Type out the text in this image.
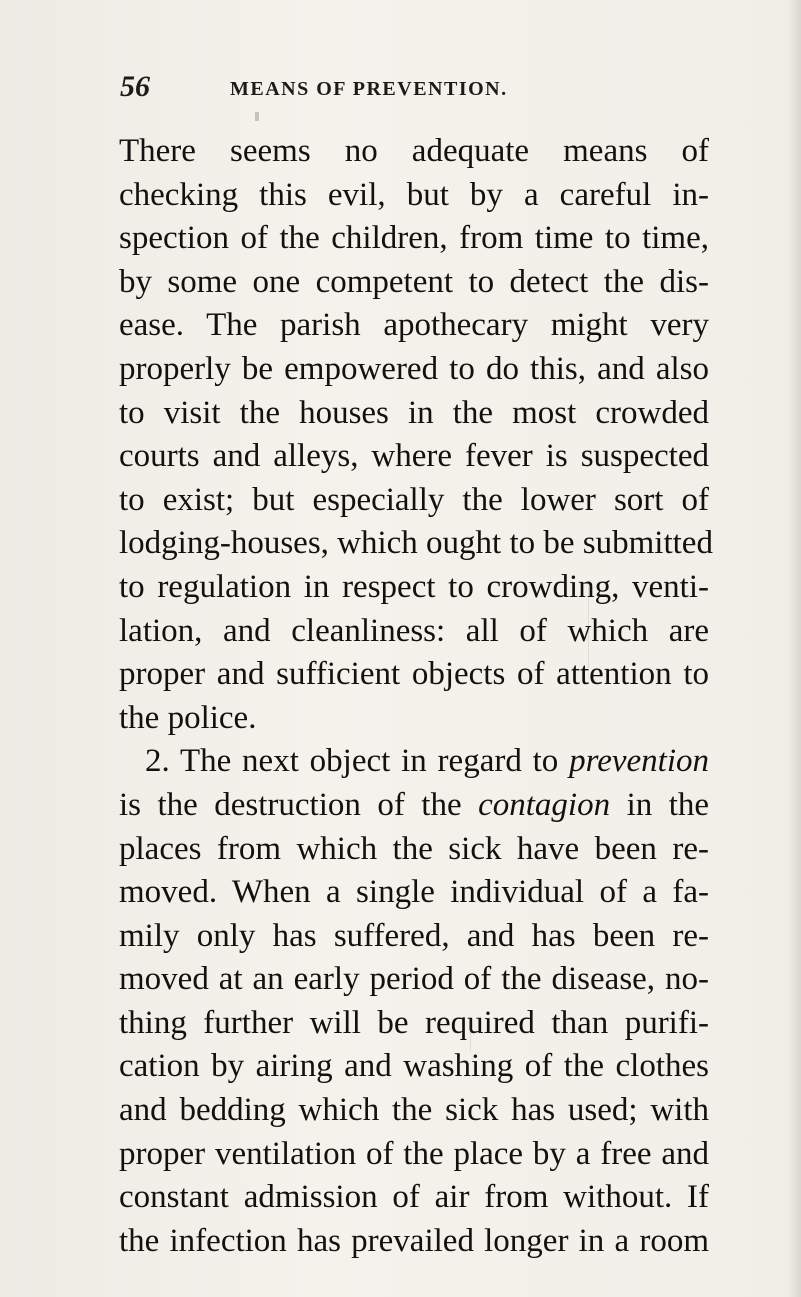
56	MEANS OF PREVENTION.
There seems no adequate means of
checking this evil, but by a careful in-
spection of the children, from time to time,
by some one competent to detect the dis-
ease. The parish apothecary might very
properly be empowered to do this, and also
to visit the houses in the most crowded
courts and alleys, where fever is suspected
to exist; but especially the lower sort of
lodging-houses, which ought to be submitted
to regulation in respect to crowding, venti-
lation, and cleanliness: all of which are
proper and sufficient objects of attention to
the police.
2. The next object in regard to prevention
is the destruction of the contagion in the
places from which the sick have been re-
moved. When a single individual of a fa-
mily only has suffered, and has been re-
moved at an early period of the disease, no-
thing further will be required than purifi-
cation by airing and washing of the clothes
and bedding which the sick has used; with
proper ventilation of the place by a free and
constant admission of air from without. If
the infection has prevailed longer in a room
